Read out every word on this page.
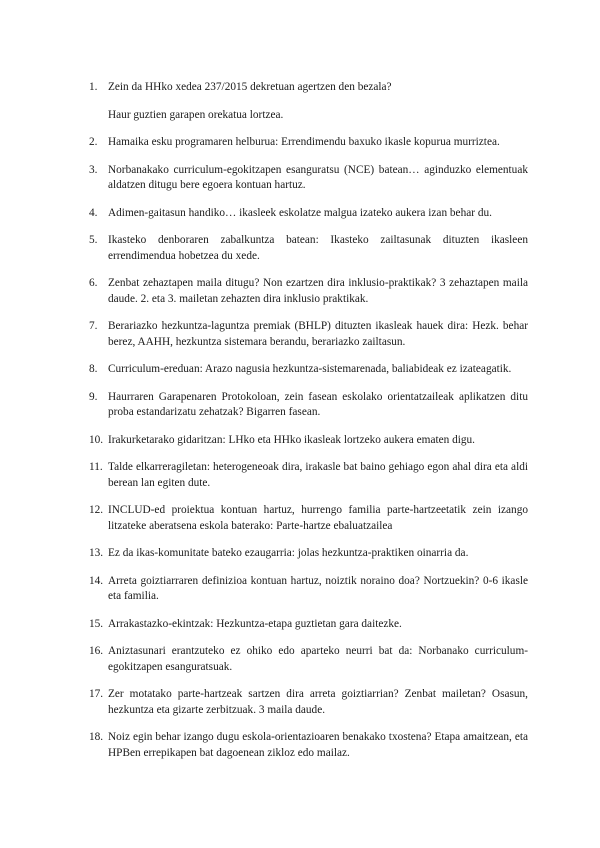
1. Zein da HHko xedea 237/2015 dekretuan agertzen den bezala?
Haur guztien garapen orekatua lortzea.
2. Hamaika esku programaren helburua: Errendimendu baxuko ikasle kopurua murriztea.
3. Norbanakako curriculum-egokitzapen esanguratsu (NCE) batean… aginduzko elementuak aldatzen ditugu bere egoera kontuan hartuz.
4. Adimen-gaitasun handiko… ikasleek eskolatze malgua izateko aukera izan behar du.
5. Ikasteko denboraren zabalkuntza batean: Ikasteko zailtasunak dituzten ikasleen errendimendua hobetzea du xede.
6. Zenbat zehaztapen maila ditugu? Non ezartzen dira inklusio-praktikak? 3 zehaztapen maila daude. 2. eta 3. mailetan zehazten dira inklusio praktikak.
7. Berariazko hezkuntza-laguntza premiak (BHLP) dituzten ikasleak hauek dira: Hezk. behar berez, AAHH, hezkuntza sistemara berandu, berariazko zailtasun.
8. Curriculum-ereduan: Arazo nagusia hezkuntza-sistemarenada, baliabideak ez izateagatik.
9. Haurraren Garapenaren Protokoloan, zein fasean eskolako orientatzaileak aplikatzen ditu proba estandarizatu zehatzak? Bigarren fasean.
10. Irakurketarako gidaritzan: LHko eta HHko ikasleak lortzeko aukera ematen digu.
11. Talde elkarreragiletan: heterogeneoak dira, irakasle bat baino gehiago egon ahal dira eta aldi berean lan egiten dute.
12. INCLUD-ed proiektua kontuan hartuz, hurrengo familia parte-hartzeetatik zein izango litzateke aberatsena eskola baterako: Parte-hartze ebaluatzailea
13. Ez da ikas-komunitate bateko ezaugarria: jolas hezkuntza-praktiken oinarria da.
14. Arreta goiztiarraren definizioa kontuan hartuz, noiztik noraino doa? Nortzuekin? 0-6 ikasle eta familia.
15. Arrakastazko-ekintzak: Hezkuntza-etapa guztietan gara daitezke.
16. Aniztasunari erantzuteko ez ohiko edo aparteko neurri bat da: Norbanako curriculum-egokitzapen esanguratsuak.
17. Zer motatako parte-hartzeak sartzen dira arreta goiztiarrian? Zenbat mailetan? Osasun, hezkuntza eta gizarte zerbitzuak. 3 maila daude.
18. Noiz egin behar izango dugu eskola-orientazioaren benakako txostena? Etapa amaitzean, eta HPBen errepikapen bat dagoenean zikloz edo mailaz.
